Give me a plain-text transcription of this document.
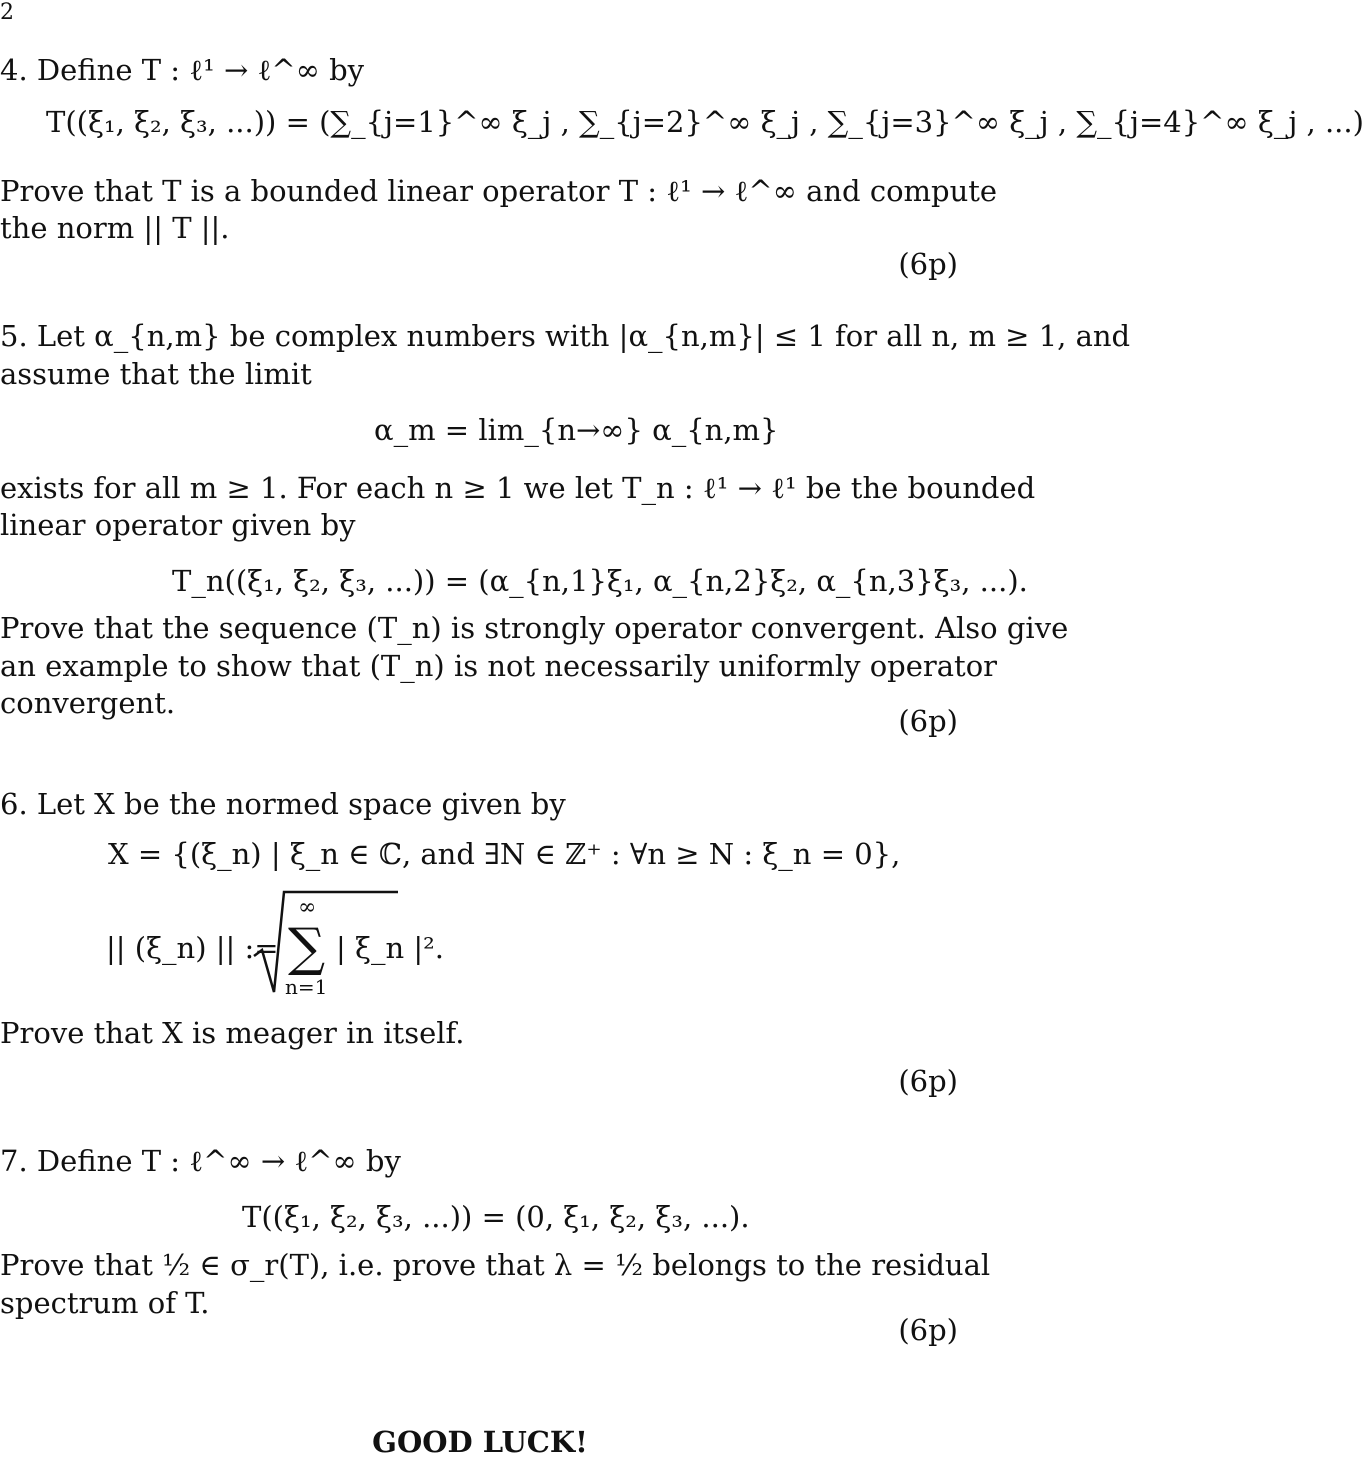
2
4. Define T : ℓ¹ → ℓ^∞ by
T((ξ₁, ξ₂, ξ₃, ...)) = (∑_{j=1}^∞ ξ_j , ∑_{j=2}^∞ ξ_j , ∑_{j=3}^∞ ξ_j , ∑_{j=4}^∞ ξ_j , ...)
Prove that T is a bounded linear operator T : ℓ¹ → ℓ^∞ and compute
the norm || T ||.
(6p)
5. Let α_{n,m} be complex numbers with |α_{n,m}| ≤ 1 for all n, m ≥ 1, and
assume that the limit
α_m = lim_{n→∞} α_{n,m}
exists for all m ≥ 1. For each n ≥ 1 we let T_n : ℓ¹ → ℓ¹ be the bounded
linear operator given by
T_n((ξ₁, ξ₂, ξ₃, ...)) = (α_{n,1}ξ₁, α_{n,2}ξ₂, α_{n,3}ξ₃, ...).
Prove that the sequence (T_n) is strongly operator convergent. Also give
an example to show that (T_n) is not necessarily uniformly operator
convergent.
(6p)
6. Let X be the normed space given by
X = {(ξ_n) | ξ_n ∈ ℂ, and ∃N ∈ ℤ⁺ : ∀n ≥ N : ξ_n = 0},
|| (ξ_n) || :=
∞
∑
n=1
| ξ_n |².
Prove that X is meager in itself.
(6p)
7. Define T : ℓ^∞ → ℓ^∞ by
T((ξ₁, ξ₂, ξ₃, ...)) = (0, ξ₁, ξ₂, ξ₃, ...).
Prove that ½ ∈ σ_r(T), i.e. prove that λ = ½ belongs to the residual
spectrum of T.
(6p)
GOOD LUCK!
